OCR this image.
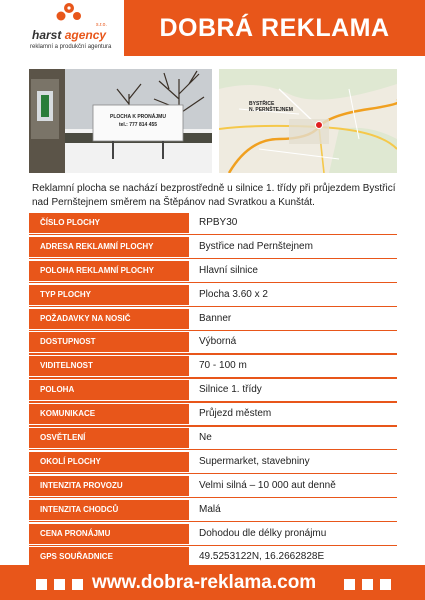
s.r.o.
harst agency
reklamní a produkční agentura
DOBRÁ REKLAMA
PLOCHA K PRONÁJMU
tel.: 777 814 455
BYSTŘICE
N. PERNŠTEJNEM
Reklamní plocha se nachází bezprostředně u silnice 1. třídy při průjezdem Bystřicí nad Pernštejnem směrem na Štěpánov nad Svratkou a Kunštát.
ČÍSLO PLOCHY	RPBY30
ADRESA REKLAMNÍ PLOCHY	Bystřice nad Pernštejnem
POLOHA REKLAMNÍ PLOCHY	Hlavní silnice
TYP PLOCHY	Plocha 3.60 x 2
POŽADAVKY NA NOSIČ	Banner
DOSTUPNOST	Výborná
VIDITELNOST	70 - 100 m
POLOHA	Silnice 1. třídy
KOMUNIKACE	Průjezd městem
OSVĚTLENÍ	Ne
OKOLÍ PLOCHY	Supermarket, stavebniny
INTENZITA PROVOZU	Velmi silná – 10 000 aut denně
INTENZITA CHODCŮ	Malá
CENA PRONÁJMU	Dohodou dle délky pronájmu
GPS SOUŘADNICE	49.5253122N, 16.2662828E
www.dobra-reklama.com
